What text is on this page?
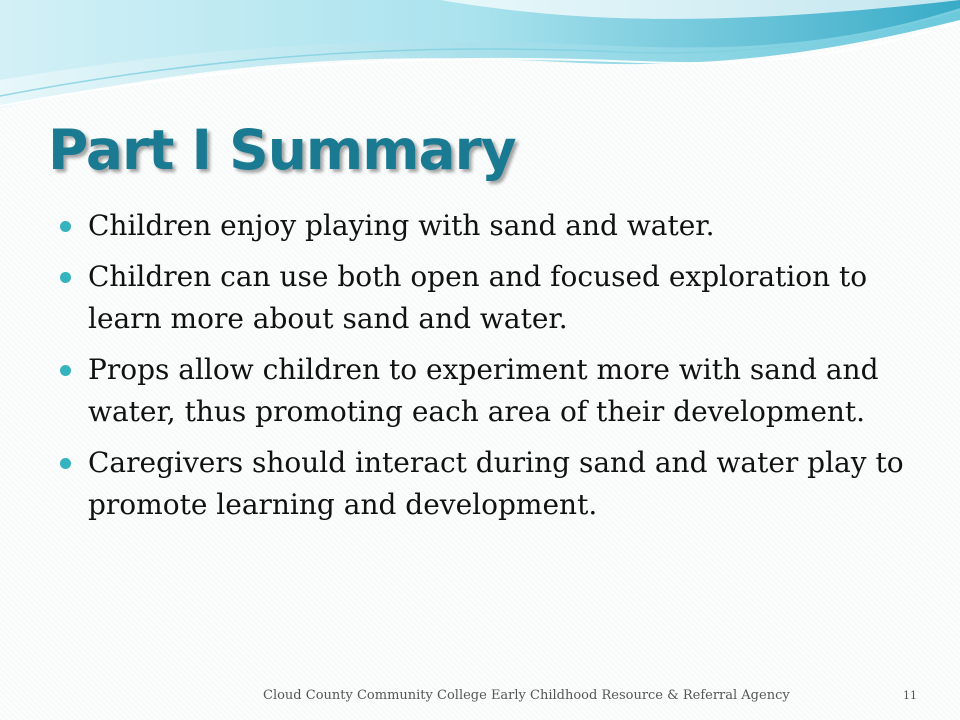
Part I Summary
Children enjoy playing with sand and water.
Children can use both open and focused exploration to learn more about sand and water.
Props allow children to experiment more with sand and water, thus promoting each area of their development.
Caregivers should interact during sand and water play to promote learning and development.
Cloud County Community College Early Childhood Resource & Referral Agency	11
